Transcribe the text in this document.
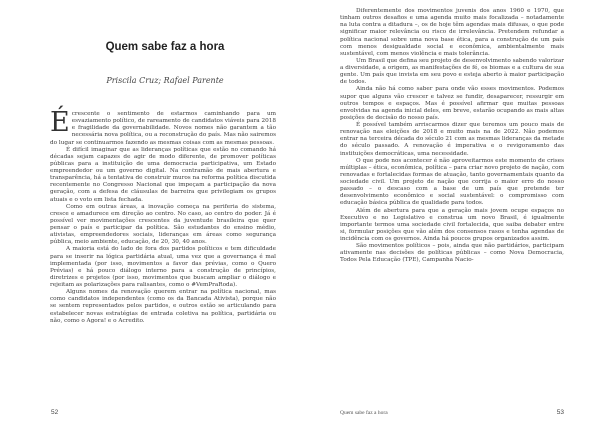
Quem sabe faz a hora
Priscila Cruz; Rafael Parente

Écrescente o sentimento de estarmos caminhando para um esvaziamento político, de rareamento de candidatos viáveis para 2018 e fragilidade da governabilidade. Novos nomes não garantem a tão necessária nova política, ou a reconstrução do país. Mas não sairemos do lugar se continuarmos fazendo as mesmas coisas com as mesmas pessoas.

É difícil imaginar que as lideranças políticas que estão no comando há décadas sejam capazes de agir de modo diferente, de promover políticas públicas para a instituição de uma democracia participativa, um Estado empreendedor ou um governo digital. Na contramão de mais abertura e transparência, há a tentativa de construir muros na reforma política discutida recentemente no Congresso Nacional que impeçam a participação da nova geração, com a defesa de cláusulas de barreira que privilegiam os grupos atuais e o voto em lista fechada.

Como em outras áreas, a inovação começa na periferia do sistema, cresce e amadurece em direção ao centro. No caso, ao centro do poder. Já é possível ver movimentações crescentes da juventude brasileira que quer pensar o país e participar da política. São estudantes do ensino médio, ativistas, empreendedores sociais, lideranças em áreas como segurança pública, meio ambiente, educação, de 20, 30, 40 anos.

A maioria está do lado de fora dos partidos políticos e tem dificuldade para se inserir na lógica partidária atual, uma vez que a governança é mal implementada (por isso, movimentos a favor das prévias, como o Quero Prévias) e há pouco diálogo interno para a construção de princípios, diretrizes e projetos (por isso, movimentos que buscam ampliar o diálogo e rejeitam as polarizações para ralisantes, como o #VemPraRoda).

Alguns nomes da renovação querem entrar na política nacional, mas como candidatos independentes (como os da Bancada Ativista), porque não se sentem representados pelos partidos, e outros estão se articulando para estabelecer novas estratégias de entrada coletiva na política, partidária ou não, como o Agora! e o Acredito.

52

Diferentemente dos movimentos juvenis dos anos 1960 e 1970, que tinham outros desafios e uma agenda muito mais focalizada – notadamente na luta contra a ditadura –, os de hoje têm agendas mais difusas, o que pode significar maior relevância ou risco de irrelevância. Pretendem refundar a política nacional sobre uma nova base ética, para a construção de um país com menos desigualdade social e econômica, ambientalmente mais sustentável, com menos violência e mais tolerância.

Um Brasil que defina seu projeto de desenvolvimento sabendo valorizar a diversidade, a origem, as manifestações de fé, os biomas e a cultura de sua gente. Um país que invista em seu povo e esteja aberto à maior participação de todos.

Ainda não há como saber para onde vão esses movimentos. Podemos supor que alguns vão crescer e talvez se fundir, desaparecer, ressurgir em outros tempos e espaços. Mas é possível afirmar que muitas pessoas envolvidas na agenda inicial deles, em breve, estarão ocupando as mais altas posições de decisão do nosso país.

É possível também arriscarmos dizer que teremos um pouco mais de renovação nas eleições de 2018 e muito mais na de 2022. Não podemos entrar na terceira década do século 21 com as mesmas lideranças da metade do século passado. A renovação é imperativa e o revigoramento das instituições democráticas, uma necessidade.

O que pode nos acontecer é não aproveitarmos este momento de crises múltiplas – ética, econômica, política – para criar novo projeto de nação, com renovadas e fortalecidas formas de atuação, tanto governamentais quanto da sociedade civil. Um projeto de nação que corrija o maior erro do nosso passado – o descaso com a base de um país que pretende ter desenvolvimento econômico e social sustentável: o compromisso com educação básica pública de qualidade para todos.

Além de abertura para que a geração mais jovem ocupe espaços no Executivo e no Legislativo e construa um novo Brasil, é igualmente importante termos uma sociedade civil fortalecida, que saiba debater entre si, formular posições que vão além dos consensos rasos e tenha agendas de incidência com os governos. Ainda há poucos grupos organizados assim.

São movimentos políticos – pois, ainda que não partidários, participam ativamente nas decisões de políticas públicas – como Nova Democracia, Todos Pela Educação (TPE), Campanha Nacio-

Quem sabe faz a hora	53
